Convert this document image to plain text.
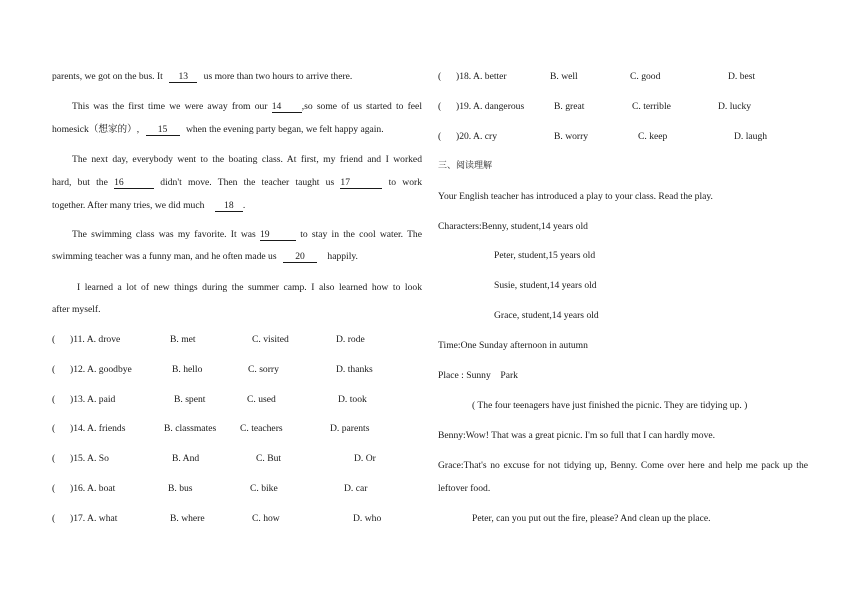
parents, we got on the bus. It 13 us more than two hours to arrive there.
This was the first time we were away from our 14 ,so some of us started to feel
homesick（想家的）, 15 when the evening party began, we felt happy again.
The next day, everybody went to the boating class. At first, my friend and I worked
hard, but the 16	didn't move. Then the teacher taught us 17	to work
together. After many tries, we did much 18 .
The swimming class was my favorite. It was 19	to stay in the cool water. The
swimming teacher was a funny man, and he often made us 20 happily.
I learned a lot of new things during the summer camp. I also learned how to look
after myself.
( )11. A. drove	B. met	C. visited	D. rode
( )12. A. goodbye	B. hello	C. sorry	D. thanks
( )13. A. paid	B. spent	C. used	D. took
( )14. A. friends	B. classmates C. teachers	D. parents
( )15. A. So	B. And	C. But	D. Or
( )16. A. boat	B. bus	C. bike	D. car
( )17. A. what	B. where	C. how	D. who
( )18. A. better	B. well	C. good	D. best
( )19. A. dangerous	B. great	C. terrible	D. lucky
( )20. A. cry	B. worry	C. keep	D. laugh
三、阅读理解
Your English teacher has introduced a play to your class. Read the play.
Characters:Benny, student,14 years old
Peter, student,15 years old
Susie, student,14 years old
Grace, student,14 years old
Time:One Sunday afternoon in autumn
Place : Sunny　Park
( The four teenagers have just finished the picnic. They are tidying up. )
Benny:Wow! That was a great picnic. I'm so full that I can hardly move.
Grace:That's no excuse for not tidying up, Benny. Come over here and help me pack up the
leftover food.
Peter, can you put out the fire, please? And clean up the place.
